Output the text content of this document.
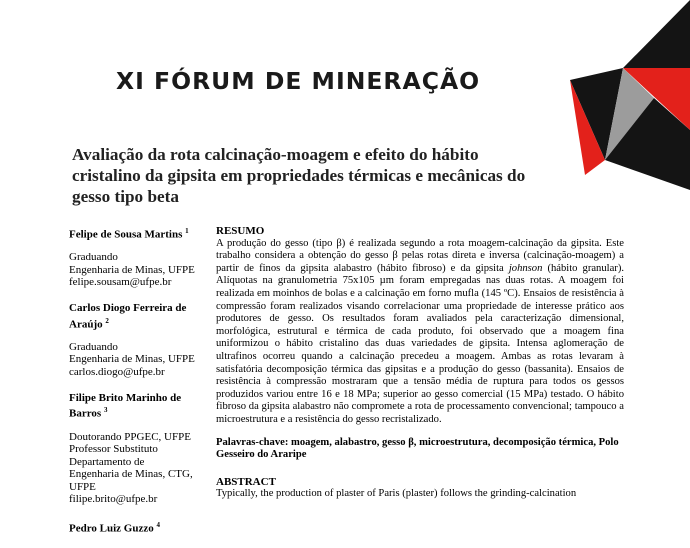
XI FÓRUM DE MINERAÇÃO
Avaliação da rota calcinação-moagem e efeito do hábito cristalino da gipsita em propriedades térmicas e mecânicas do gesso tipo beta
Felipe de Sousa Martins $^1$
Graduando
Engenharia de Minas, UFPE
felipe.sousam@ufpe.br
Carlos Diogo Ferreira de Araújo $^2$
Graduando
Engenharia de Minas, UFPE
carlos.diogo@ufpe.br
Filipe Brito Marinho de Barros $^3$
Doutorando PPGEC, UFPE
Professor Substituto
Departamento de
Engenharia de Minas, CTG,
UFPE
filipe.brito@ufpe.br
Pedro Luiz Guzzo $^4$
RESUMO

A produção do gesso (tipo β) é realizada segundo a rota moagem-calcinação da gipsita. Este trabalho considera a obtenção do gesso β pelas rotas direta e inversa (calcinação-moagem) a partir de finos da gipsita alabastro (hábito fibroso) e da gipsita johnson (hábito granular). Alíquotas na granulometria 75x105 µm foram empregadas nas duas rotas. A moagem foi realizada em moinhos de bolas e a calcinação em forno mufla (145 ºC). Ensaios de resistência à compressão foram realizados visando correlacionar uma propriedade de interesse prático aos produtores de gesso. Os resultados foram avaliados pela caracterização dimensional, morfológica, estrutural e térmica de cada produto, foi observado que a moagem fina uniformizou o hábito cristalino das duas variedades de gipsita. Intensa aglomeração de ultrafinos ocorreu quando a calcinação precedeu a moagem. Ambas as rotas levaram à satisfatória decomposição térmica das gipsitas e a produção do gesso (bassanita). Ensaios de resistência à compressão mostraram que a tensão média de ruptura para todos os gessos produzidos variou entre 16 e 18 MPa; superior ao gesso comercial (15 MPa) testado. O hábito fibroso da gipsita alabastro não compromete a rota de processamento convencional; tampouco a microestrutura e a resistência do gesso recristalizado.

Palavras-chave: moagem, alabastro, gesso β, microestrutura, decomposição térmica, Polo Gesseiro do Araripe
ABSTRACT

Typically, the production of plaster of Paris (plaster) follows the grinding-calcination
